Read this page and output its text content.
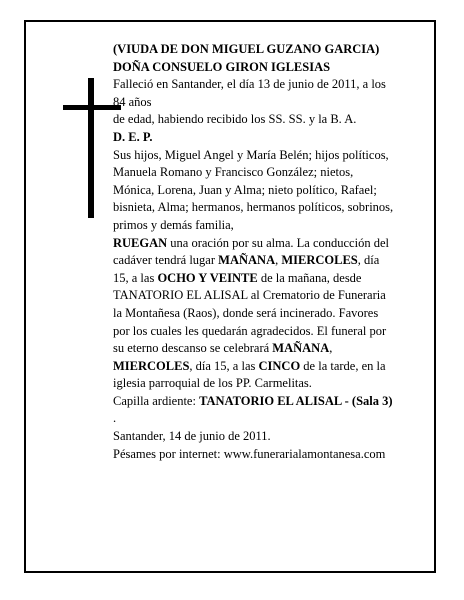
(VIUDA DE DON MIGUEL GUZANO GARCIA)
DOÑA CONSUELO GIRON IGLESIAS
Falleció en Santander, el día 13 de junio de 2011, a los
84 años
de edad, habiendo recibido los SS. SS. y la B. A.
D. E. P.
Sus hijos, Miguel Angel y María Belén; hijos políticos,
Manuela Romano y Francisco González; nietos,
Mónica, Lorena, Juan y Alma; nieto político, Rafael;
bisnieta, Alma; hermanos, hermanos políticos, sobrinos,
primos y demás familia,
RUEGAN una oración por su alma. La conducción del
cadáver tendrá lugar MAÑANA, MIERCOLES, día
15, a las OCHO Y VEINTE de la mañana, desde
TANATORIO EL ALISAL al Crematorio de Funeraria
la Montañesa (Raos), donde será incinerado. Favores
por los cuales les quedarán agradecidos. El funeral por
su eterno descanso se celebrará MAÑANA,
MIERCOLES, día 15, a las CINCO de la tarde, en la
iglesia parroquial de los PP. Carmelitas.
Capilla ardiente: TANATORIO EL ALISAL - (Sala 3)
.
Santander, 14 de junio de 2011.
Pésames por internet: www.funerarialamontanesa.com
